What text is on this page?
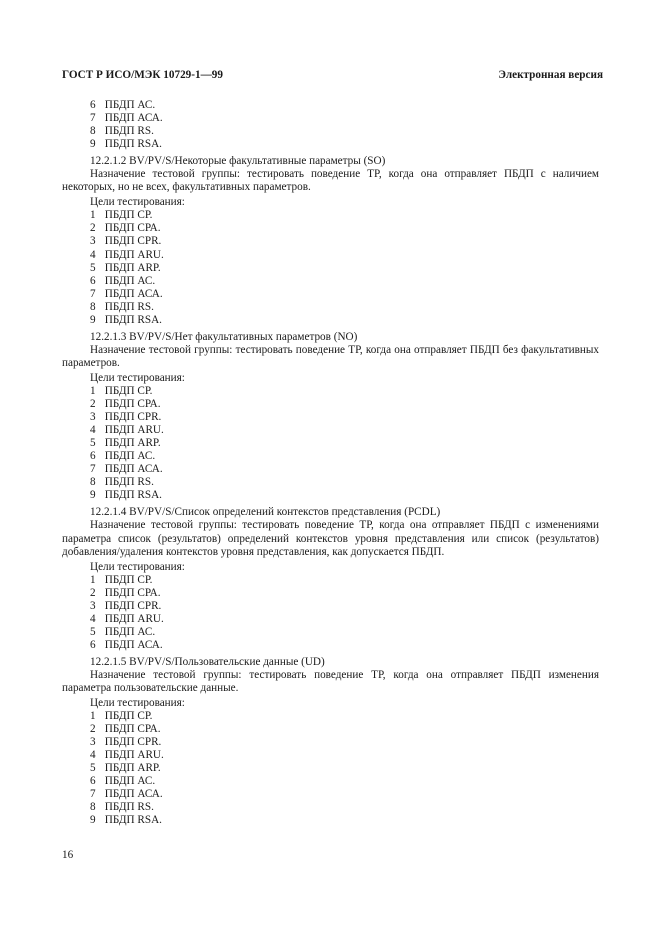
ГОСТ Р ИСО/МЭК 10729-1—99	Электронная версия
6 ПБДП АС.
7 ПБДП АСА.
8 ПБДП RS.
9 ПБДП RSA.
12.2.1.2 BV/PV/S/Некоторые факультативные параметры (SO)
Назначение тестовой группы: тестировать поведение ТР, когда она отправляет ПБДП с наличием некоторых, но не всех, факультативных параметров.
Цели тестирования:
1 ПБДП СР.
2 ПБДП СРА.
3 ПБДП CPR.
4 ПБДП ARU.
5 ПБДП ARP.
6 ПБДП АС.
7 ПБДП АСА.
8 ПБДП RS.
9 ПБДП RSA.
12.2.1.3 BV/PV/S/Нет факультативных параметров (NO)
Назначение тестовой группы: тестировать поведение ТР, когда она отправляет ПБДП без факультативных параметров.
Цели тестирования:
1 ПБДП СР.
2 ПБДП СРА.
3 ПБДП CPR.
4 ПБДП ARU.
5 ПБДП ARP.
6 ПБДП АС.
7 ПБДП АСА.
8 ПБДП RS.
9 ПБДП RSA.
12.2.1.4 BV/PV/S/Список определений контекстов представления (PCDL)
Назначение тестовой группы: тестировать поведение ТР, когда она отправляет ПБДП с изменениями параметра список (результатов) определений контекстов уровня представления или список (результатов) добавления/удаления контекстов уровня представления, как допускается ПБДП.
Цели тестирования:
1 ПБДП СР.
2 ПБДП СРА.
3 ПБДП CPR.
4 ПБДП ARU.
5 ПБДП АС.
6 ПБДП АСА.
12.2.1.5 BV/PV/S/Пользовательские данные (UD)
Назначение тестовой группы: тестировать поведение ТР, когда она отправляет ПБДП изменения параметра пользовательские данные.
Цели тестирования:
1 ПБДП СР.
2 ПБДП СРА.
3 ПБДП CPR.
4 ПБДП ARU.
5 ПБДП ARP.
6 ПБДП АС.
7 ПБДП АСА.
8 ПБДП RS.
9 ПБДП RSA.
16
